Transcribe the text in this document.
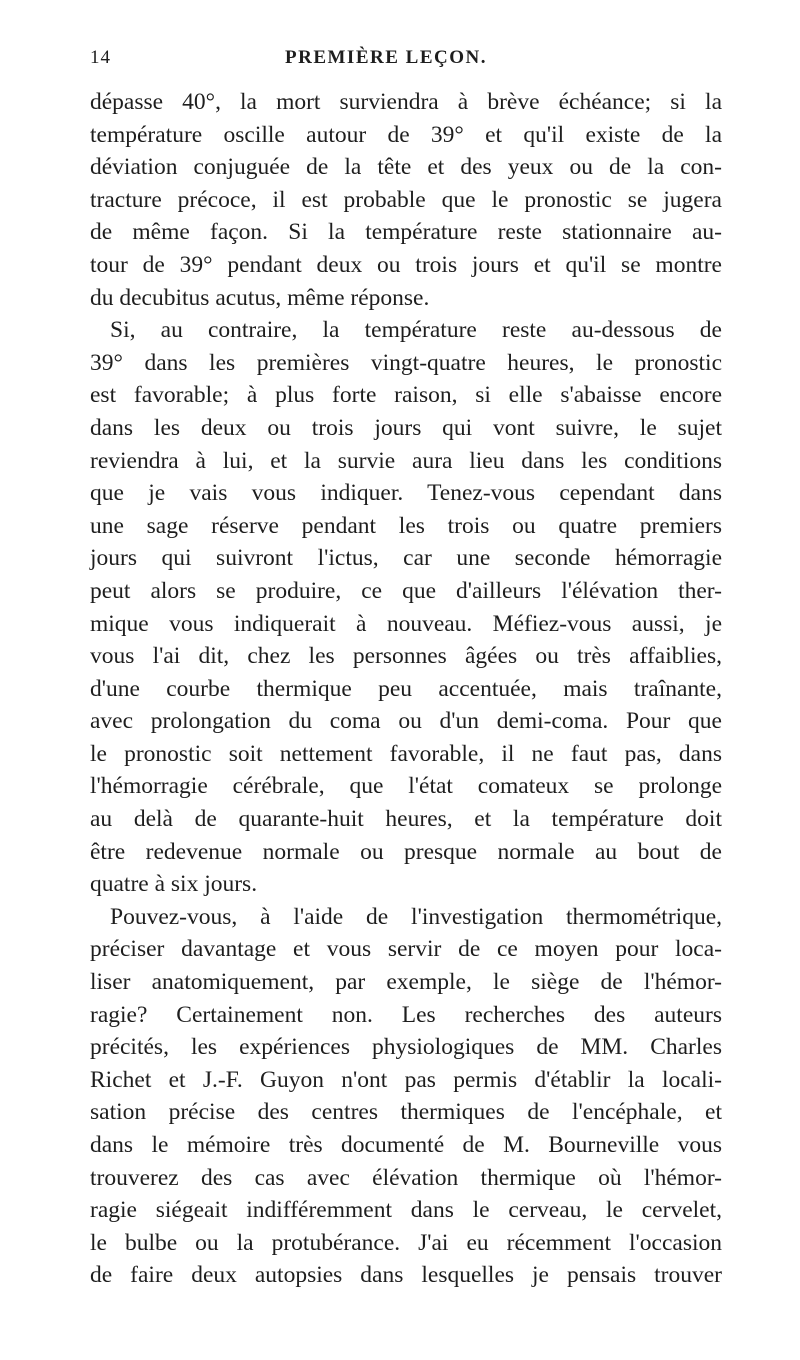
14	PREMIÈRE LEÇON.
dépasse 40°, la mort surviendra à brève échéance; si la
température oscille autour de 39° et qu'il existe de la
déviation conjuguée de la tête et des yeux ou de la con-
tracture précoce, il est probable que le pronostic se jugera
de même façon. Si la température reste stationnaire au-
tour de 39° pendant deux ou trois jours et qu'il se montre
du decubitus acutus, même réponse.
Si, au contraire, la température reste au-dessous de
39° dans les premières vingt-quatre heures, le pronostic
est favorable; à plus forte raison, si elle s'abaisse encore
dans les deux ou trois jours qui vont suivre, le sujet
reviendra à lui, et la survie aura lieu dans les conditions
que je vais vous indiquer. Tenez-vous cependant dans
une sage réserve pendant les trois ou quatre premiers
jours qui suivront l'ictus, car une seconde hémorragie
peut alors se produire, ce que d'ailleurs l'élévation ther-
mique vous indiquerait à nouveau. Méfiez-vous aussi, je
vous l'ai dit, chez les personnes âgées ou très affaiblies,
d'une courbe thermique peu accentuée, mais traînante,
avec prolongation du coma ou d'un demi-coma. Pour que
le pronostic soit nettement favorable, il ne faut pas, dans
l'hémorragie cérébrale, que l'état comateux se prolonge
au delà de quarante-huit heures, et la température doit
être redevenue normale ou presque normale au bout de
quatre à six jours.
Pouvez-vous, à l'aide de l'investigation thermométrique,
préciser davantage et vous servir de ce moyen pour loca-
liser anatomiquement, par exemple, le siège de l'hémor-
ragie? Certainement non. Les recherches des auteurs
précités, les expériences physiologiques de MM. Charles
Richet et J.-F. Guyon n'ont pas permis d'établir la locali-
sation précise des centres thermiques de l'encéphale, et
dans le mémoire très documenté de M. Bourneville vous
trouverez des cas avec élévation thermique où l'hémor-
ragie siégeait indifféremment dans le cerveau, le cervelet,
le bulbe ou la protubérance. J'ai eu récemment l'occasion
de faire deux autopsies dans lesquelles je pensais trouver
